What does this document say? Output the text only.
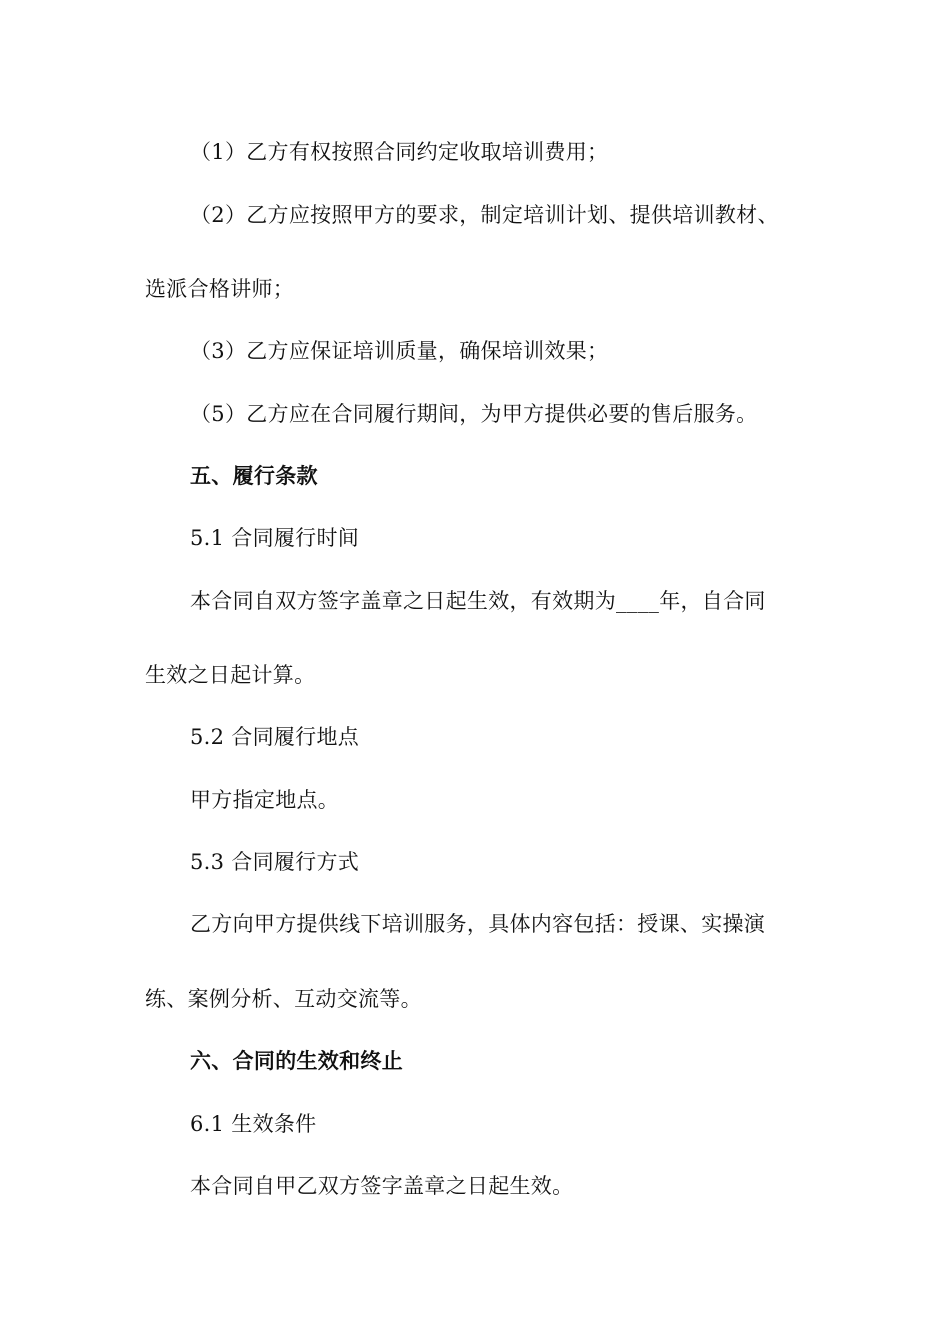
（1）乙方有权按照合同约定收取培训费用；
（2）乙方应按照甲方的要求，制定培训计划、提供培训教材、
选派合格讲师；
（3）乙方应保证培训质量，确保培训效果；
（5）乙方应在合同履行期间，为甲方提供必要的售后服务。
五、履行条款
5.1 合同履行时间
本合同自双方签字盖章之日起生效，有效期为____年，自合同
生效之日起计算。
5.2 合同履行地点
甲方指定地点。
5.3 合同履行方式
乙方向甲方提供线下培训服务，具体内容包括：授课、实操演
练、案例分析、互动交流等。
六、合同的生效和终止
6.1 生效条件
本合同自甲乙双方签字盖章之日起生效。
